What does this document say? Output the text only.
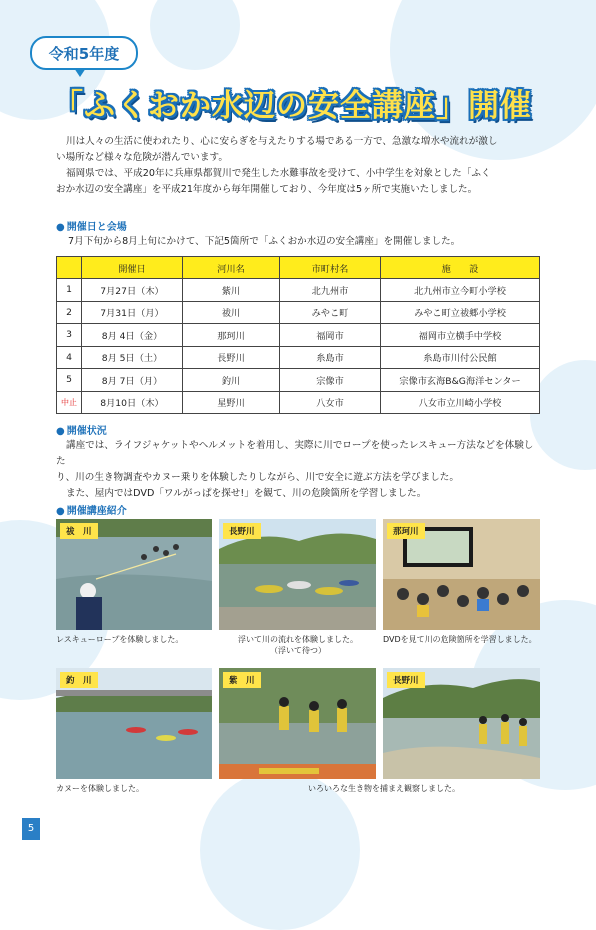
令和5年度
「ふくおか水辺の安全講座」開催
川は人々の生活に使われたり、心に安らぎを与えたりする場である一方で、急激な増水や流れが激し
い場所など様々な危険が潜んでいます。
福岡県では、平成20年に兵庫県都賀川で発生した水難事故を受けて、小中学生を対象とした「ふく
おか水辺の安全講座」を平成21年度から毎年開催しており、今年度は5ヶ所で実施いたしました。
● 開催日と会場
7月下旬から8月上旬にかけて、下記5箇所で「ふくおか水辺の安全講座」を開催しました。
	開催日	河川名	市町村名	施　　設
1	7月27日（木）	紫川	北九州市	北九州市立今町小学校
2	7月31日（月）	祓川	みやこ町	みやこ町立祓郷小学校
3	8月 4日（金）	那珂川	福岡市	福岡市立横手中学校
4	8月 5日（土）	長野川	糸島市	糸島市川付公民館
5	8月 7日（月）	釣川	宗像市	宗像市玄海B&G海洋センター
中止	8月10日（木）	星野川	八女市	八女市立川崎小学校
● 開催状況
講座では、ライフジャケットやヘルメットを着用し、実際に川でロープを使ったレスキュー方法などを体験した
り、川の生き物調査やカヌー乗りを体験したりしながら、川で安全に遊ぶ方法を学びました。
また、屋内ではDVD「ワルがっぱを探せ!」を観て、川の危険箇所を学習しました。
● 開催講座紹介
祓　川
レスキューロープを体験しました。
長野川
浮いて川の流れを体験しました。
（浮いて待つ）
那珂川
DVDを見て川の危険箇所を学習しました。
釣　川
カヌーを体験しました。
紫　川
いろいろな生き物を捕まえ観察しました。
長野川
5
